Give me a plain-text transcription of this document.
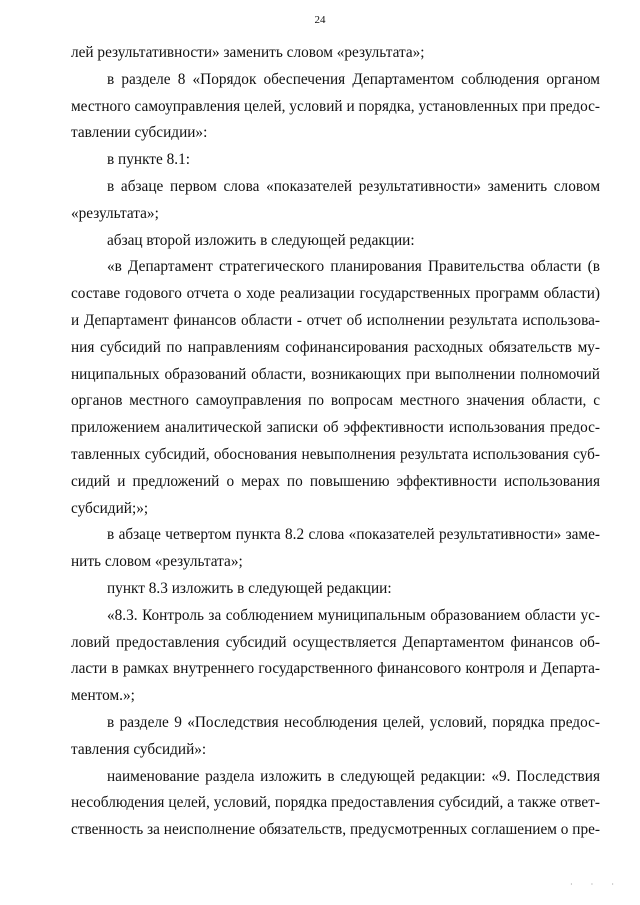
24
лей результативности» заменить словом «результата»;
в разделе 8 «Порядок обеспечения Департаментом соблюдения органом
местного самоуправления целей, условий и порядка, установленных при предос-
тавлении субсидии»:
в пункте 8.1:
в абзаце первом слова «показателей результативности» заменить словом
«результата»;
абзац второй изложить в следующей редакции:
«в Департамент стратегического планирования Правительства области (в
составе годового отчета о ходе реализации государственных программ области)
и Департамент финансов области - отчет об исполнении результата использова-
ния субсидий по направлениям софинансирования расходных обязательств му-
ниципальных образований области, возникающих при выполнении полномочий
органов местного самоуправления по вопросам местного значения области, с
приложением аналитической записки об эффективности использования предос-
тавленных субсидий, обоснования невыполнения результата использования суб-
сидий и предложений о мерах по повышению эффективности использования
субсидий;»;
в абзаце четвертом пункта 8.2 слова «показателей результативности» заме-
нить словом «результата»;
пункт 8.3 изложить в следующей редакции:
«8.3. Контроль за соблюдением муниципальным образованием области ус-
ловий предоставления субсидий осуществляется Департаментом финансов об-
ласти в рамках внутреннего государственного финансового контроля и Департа-
ментом.»;
в разделе 9 «Последствия несоблюдения целей, условий, порядка предос-
тавления субсидий»:
наименование раздела изложить в следующей редакции: «9. Последствия
несоблюдения целей, условий, порядка предоставления субсидий, а также ответ-
ственность за неисполнение обязательств, предусмотренных соглашением о пре-
· · ·
